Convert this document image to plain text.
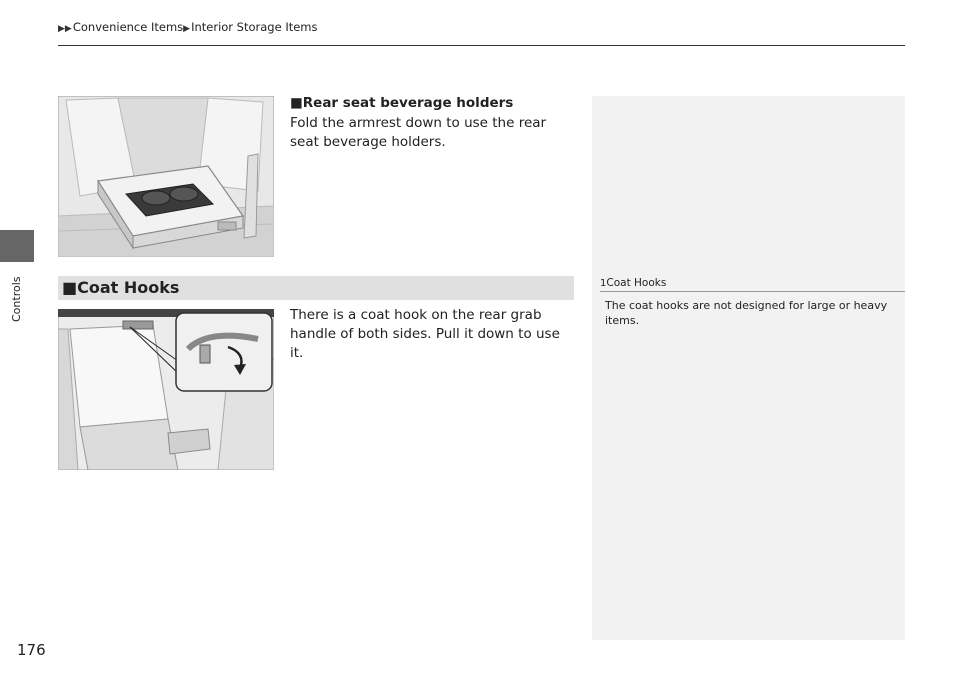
▶▶Convenience Items▶Interior Storage Items
Controls	1Coat Hooks
The coat hooks are not designed for large or heavy items.
■Rear seat beverage holders
Fold the armrest down to use the rear seat beverage holders.
■Coat Hooks
There is a coat hook on the rear grab handle of both sides. Pull it down to use it.
176
